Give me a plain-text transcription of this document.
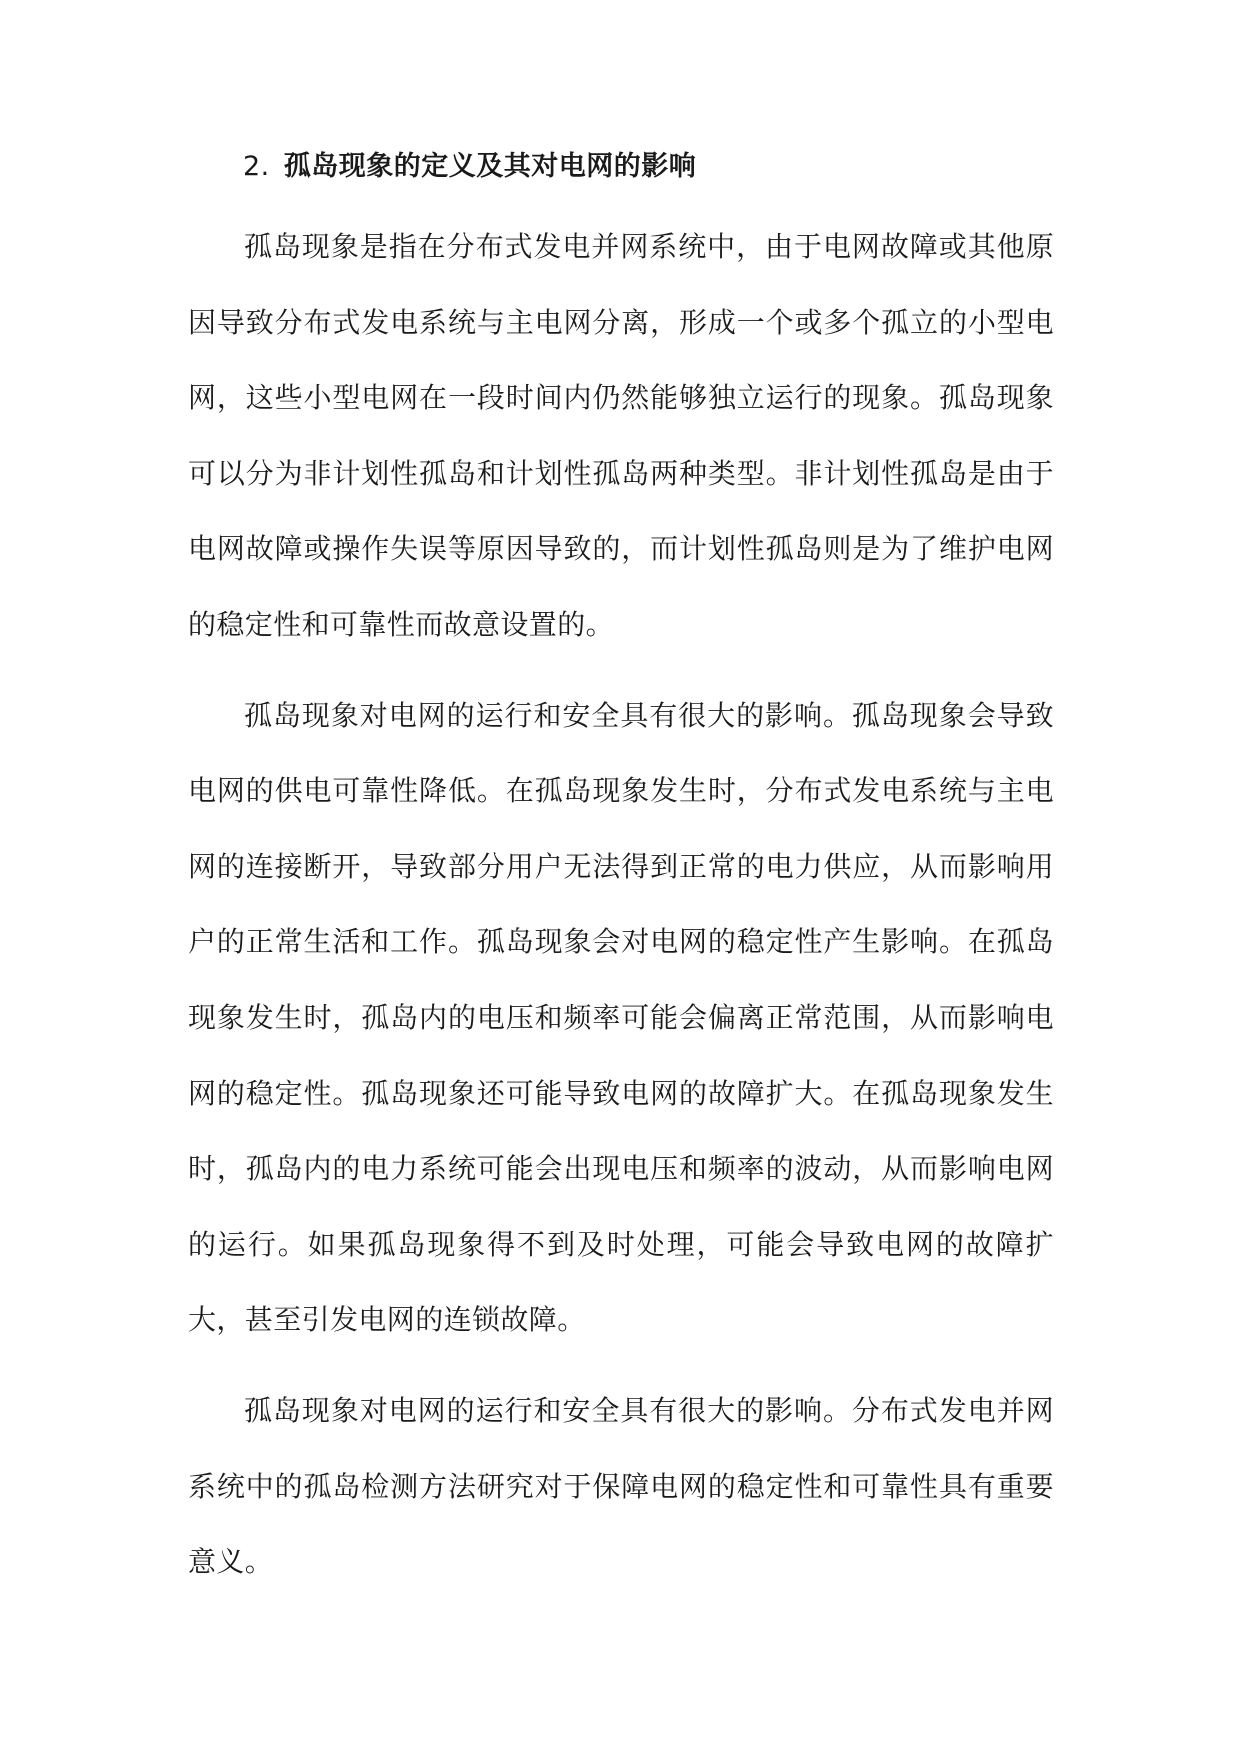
2. 孤岛现象的定义及其对电网的影响

孤岛现象是指在分布式发电并网系统中，由于电网故障或其他原因导致分布式发电系统与主电网分离，形成一个或多个孤立的小型电网，这些小型电网在一段时间内仍然能够独立运行的现象。孤岛现象可以分为非计划性孤岛和计划性孤岛两种类型。非计划性孤岛是由于电网故障或操作失误等原因导致的，而计划性孤岛则是为了维护电网的稳定性和可靠性而故意设置的。

孤岛现象对电网的运行和安全具有很大的影响。孤岛现象会导致电网的供电可靠性降低。在孤岛现象发生时，分布式发电系统与主电网的连接断开，导致部分用户无法得到正常的电力供应，从而影响用户的正常生活和工作。孤岛现象会对电网的稳定性产生影响。在孤岛现象发生时，孤岛内的电压和频率可能会偏离正常范围，从而影响电网的稳定性。孤岛现象还可能导致电网的故障扩大。在孤岛现象发生时，孤岛内的电力系统可能会出现电压和频率的波动，从而影响电网的运行。如果孤岛现象得不到及时处理，可能会导致电网的故障扩大，甚至引发电网的连锁故障。

孤岛现象对电网的运行和安全具有很大的影响。分布式发电并网系统中的孤岛检测方法研究对于保障电网的稳定性和可靠性具有重要意义。
